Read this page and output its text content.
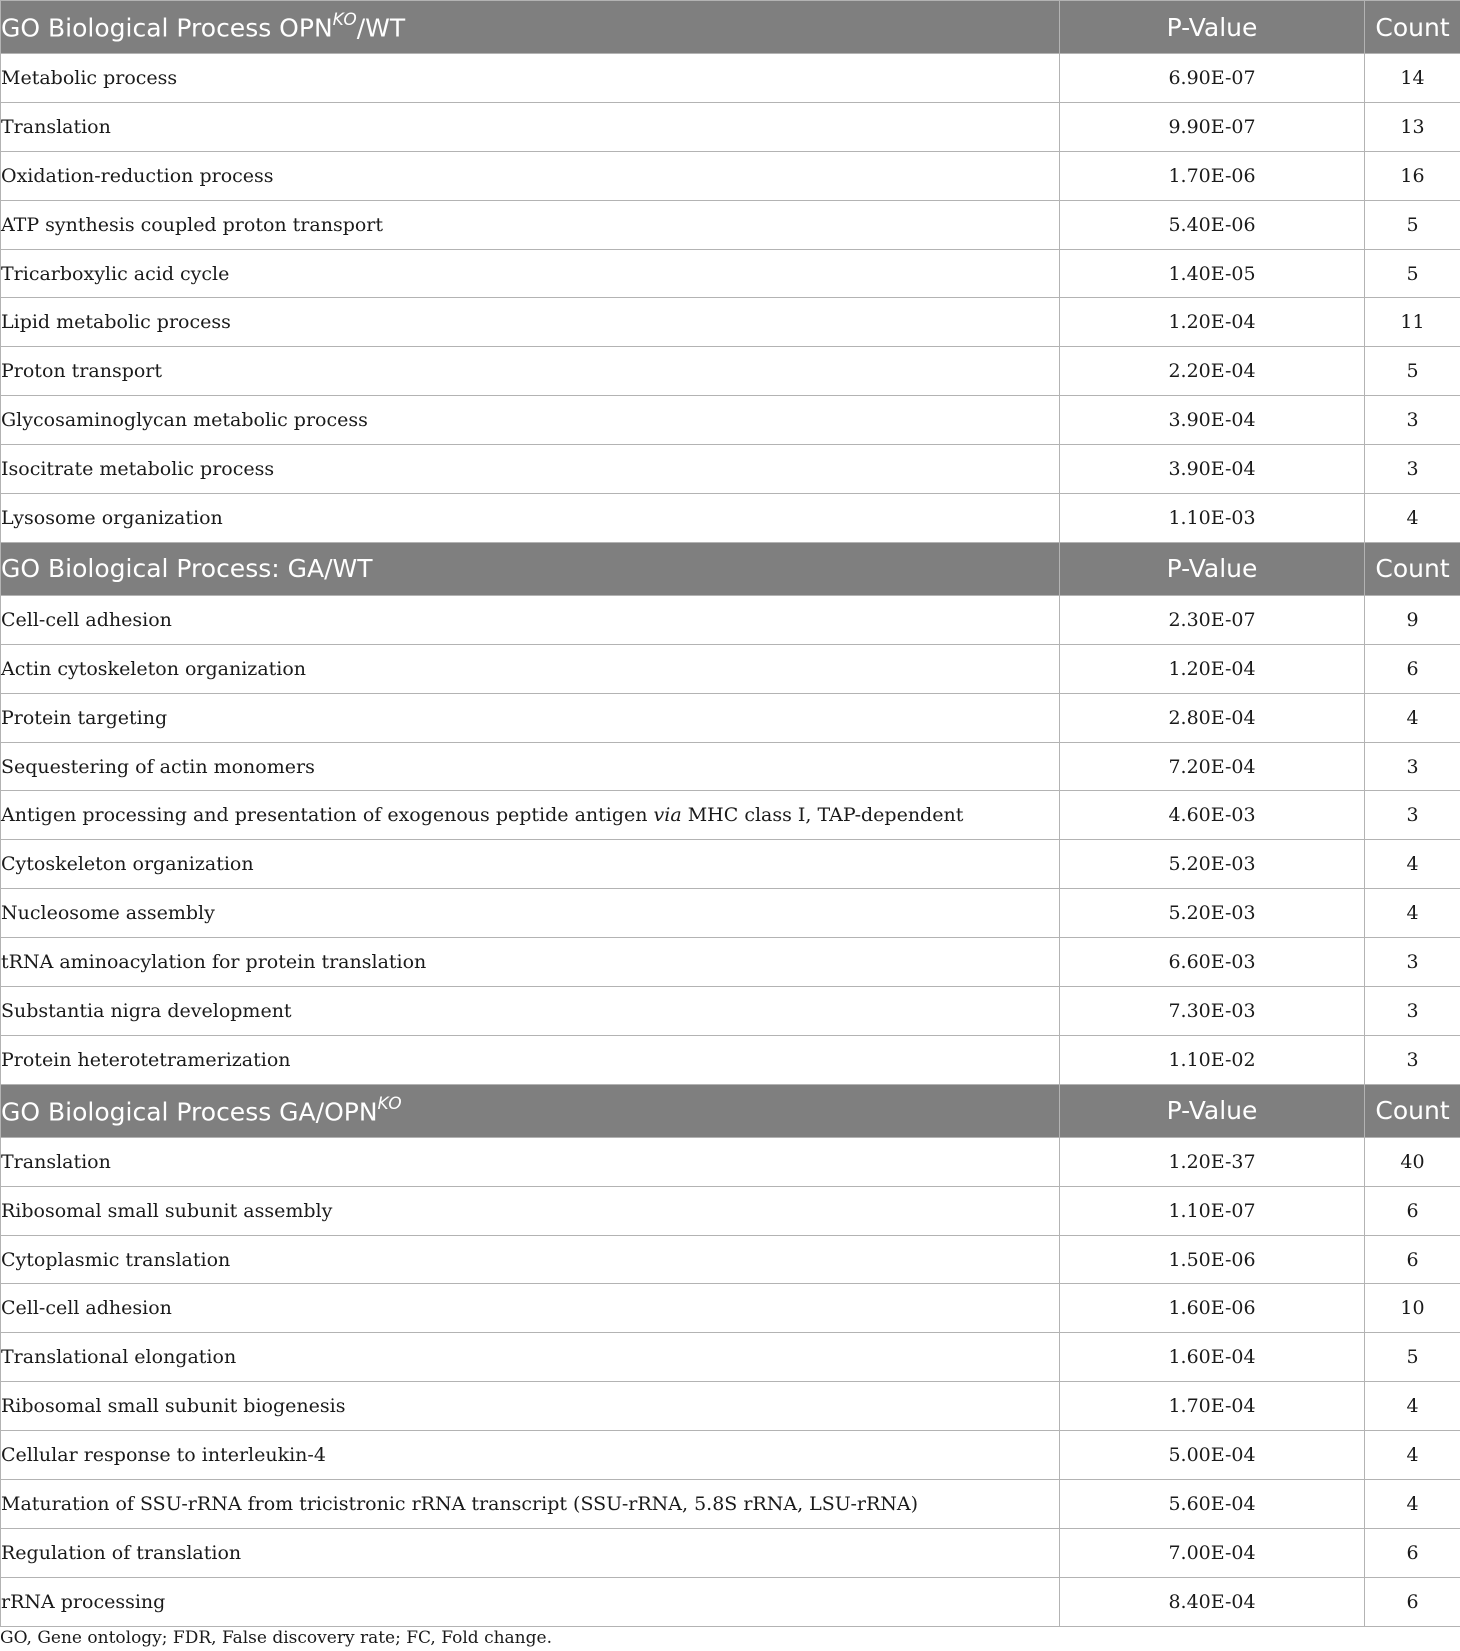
GO Biological Process $OPN^{KO}/WT$	P-Value	Count
Metabolic process	6.90E-07	14
Translation	9.90E-07	13
Oxidation-reduction process	1.70E-06	16
ATP synthesis coupled proton transport	5.40E-06	5
Tricarboxylic acid cycle	1.40E-05	5
Lipid metabolic process	1.20E-04	11
Proton transport	2.20E-04	5
Glycosaminoglycan metabolic process	3.90E-04	3
Isocitrate metabolic process	3.90E-04	3
Lysosome organization	1.10E-03	4
GO Biological Process: GA/WT	P-Value	Count
Cell-cell adhesion	2.30E-07	9
Actin cytoskeleton organization	1.20E-04	6
Protein targeting	2.80E-04	4
Sequestering of actin monomers	7.20E-04	3
Antigen processing and presentation of exogenous peptide antigen via MHC class I, TAP-dependent	4.60E-03	3
Cytoskeleton organization	5.20E-03	4
Nucleosome assembly	5.20E-03	4
tRNA aminoacylation for protein translation	6.60E-03	3
Substantia nigra development	7.30E-03	3
Protein heterotetramerization	1.10E-02	3
GO Biological Process $GA/OPN^{KO}$	P-Value	Count
Translation	1.20E-37	40
Ribosomal small subunit assembly	1.10E-07	6
Cytoplasmic translation	1.50E-06	6
Cell-cell adhesion	1.60E-06	10
Translational elongation	1.60E-04	5
Ribosomal small subunit biogenesis	1.70E-04	4
Cellular response to interleukin-4	5.00E-04	4
Maturation of SSU-rRNA from tricistronic rRNA transcript (SSU-rRNA, 5.8S rRNA, LSU-rRNA)	5.60E-04	4
Regulation of translation	7.00E-04	6
rRNA processing	8.40E-04	6
GO, Gene ontology; FDR, False discovery rate; FC, Fold change.
